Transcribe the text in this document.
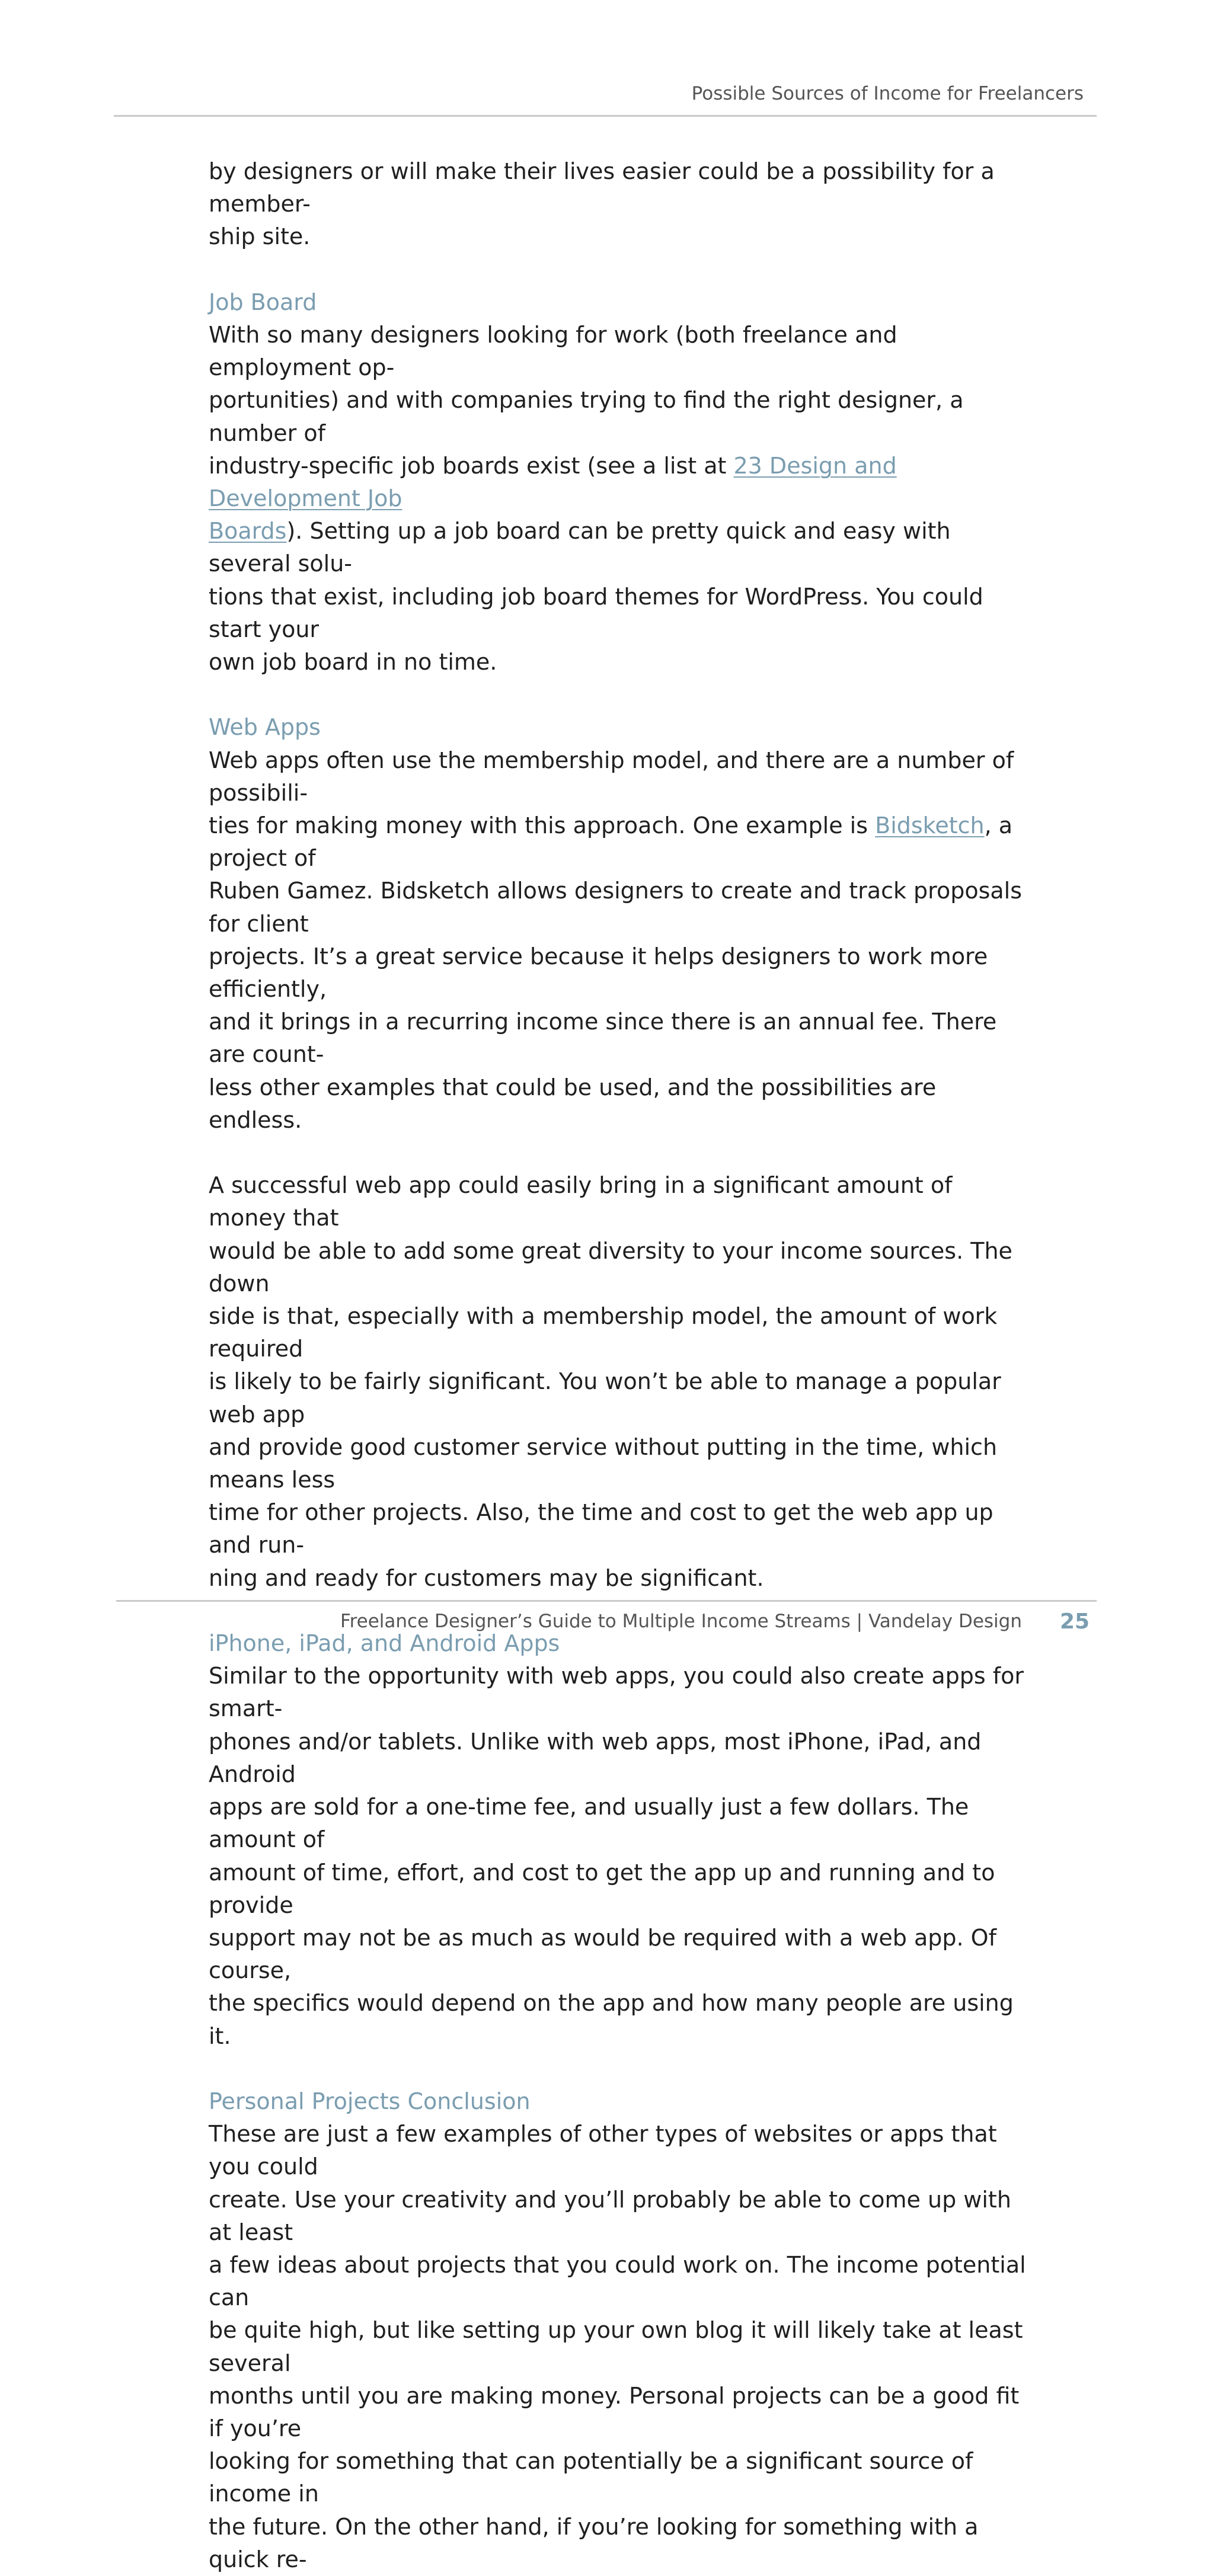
Possible Sources of Income for Freelancers

by designers or will make their lives easier could be a possibility for a member-
ship site.

Job Board

With so many designers looking for work (both freelance and employment op-
portunities) and with companies trying to find the right designer, a number of
industry-specific job boards exist (see a list at 23 Design and Development Job
Boards). Setting up a job board can be pretty quick and easy with several solu-
tions that exist, including job board themes for WordPress. You could start your
own job board in no time.

Web Apps

Web apps often use the membership model, and there are a number of possibili-
ties for making money with this approach. One example is Bidsketch, a project of
Ruben Gamez. Bidsketch allows designers to create and track proposals for client
projects. It’s a great service because it helps designers to work more efficiently,
and it brings in a recurring income since there is an annual fee. There are count-
less other examples that could be used, and the possibilities are endless.

A successful web app could easily bring in a significant amount of money that
would be able to add some great diversity to your income sources. The down
side is that, especially with a membership model, the amount of work required
is likely to be fairly significant. You won’t be able to manage a popular web app
and provide good customer service without putting in the time, which means less
time for other projects. Also, the time and cost to get the web app up and run-
ning and ready for customers may be significant.

iPhone, iPad, and Android Apps

Similar to the opportunity with web apps, you could also create apps for smart-
phones and/or tablets. Unlike with web apps, most iPhone, iPad, and Android
apps are sold for a one-time fee, and usually just a few dollars. The amount of
amount of time, effort, and cost to get the app up and running and to provide
support may not be as much as would be required with a web app. Of course,
the specifics would depend on the app and how many people are using it.

Personal Projects Conclusion

These are just a few examples of other types of websites or apps that you could
create. Use your creativity and you’ll probably be able to come up with at least
a few ideas about projects that you could work on. The income potential can
be quite high, but like setting up your own blog it will likely take at least several
months until you are making money. Personal projects can be a good fit if you’re
looking for something that can potentially be a significant source of income in
the future. On the other hand, if you’re looking for something with a quick re-

Freelance Designer’s Guide to Multiple Income Streams | Vandelay Design 25
